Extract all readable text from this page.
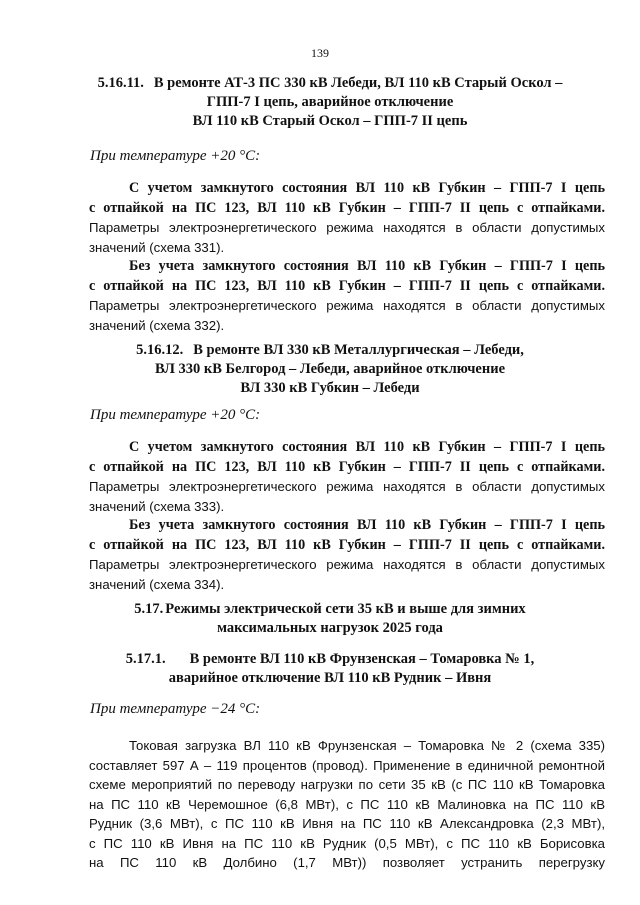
139
5.16.11. В ремонте АТ-3 ПС 330 кВ Лебеди, ВЛ 110 кВ Старый Оскол –
ГПП-7 I цепь, аварийное отключение
ВЛ 110 кВ Старый Оскол – ГПП-7 II цепь
При температуре +20 °С:
С учетом замкнутого состояния ВЛ 110 кВ Губкин – ГПП-7 I цепь
с отпайкой на ПС 123, ВЛ 110 кВ Губкин – ГПП-7 II цепь с отпайками.
Параметры электроэнергетического режима находятся в области допустимых
значений (схема 331).
Без учета замкнутого состояния ВЛ 110 кВ Губкин – ГПП-7 I цепь
с отпайкой на ПС 123, ВЛ 110 кВ Губкин – ГПП-7 II цепь с отпайками.
Параметры электроэнергетического режима находятся в области допустимых
значений (схема 332).
5.16.12. В ремонте ВЛ 330 кВ Металлургическая – Лебеди,
ВЛ 330 кВ Белгород – Лебеди, аварийное отключение
ВЛ 330 кВ Губкин – Лебеди
При температуре +20 °С:
С учетом замкнутого состояния ВЛ 110 кВ Губкин – ГПП-7 I цепь
с отпайкой на ПС 123, ВЛ 110 кВ Губкин – ГПП-7 II цепь с отпайками.
Параметры электроэнергетического режима находятся в области допустимых
значений (схема 333).
Без учета замкнутого состояния ВЛ 110 кВ Губкин – ГПП-7 I цепь
с отпайкой на ПС 123, ВЛ 110 кВ Губкин – ГПП-7 II цепь с отпайками.
Параметры электроэнергетического режима находятся в области допустимых
значений (схема 334).
5.17. Режимы электрической сети 35 кВ и выше для зимних
максимальных нагрузок 2025 года
5.17.1. В ремонте ВЛ 110 кВ Фрунзенская – Томаровка № 1,
аварийное отключение ВЛ 110 кВ Рудник – Ивня
При температуре −24 °С:
Токовая загрузка ВЛ 110 кВ Фрунзенская – Томаровка № 2 (схема 335)
составляет 597 А – 119 процентов (провод). Применение в единичной ремонтной
схеме мероприятий по переводу нагрузки по сети 35 кВ (с ПС 110 кВ Томаровка
на ПС 110 кВ Черемошное (6,8 МВт), с ПС 110 кВ Малиновка на ПС 110 кВ
Рудник (3,6 МВт), с ПС 110 кВ Ивня на ПС 110 кВ Александровка (2,3 МВт),
с ПС 110 кВ Ивня на ПС 110 кВ Рудник (0,5 МВт), с ПС 110 кВ Борисовка
на ПС 110 кВ Долбино (1,7 МВт)) позволяет устранить перегрузку
